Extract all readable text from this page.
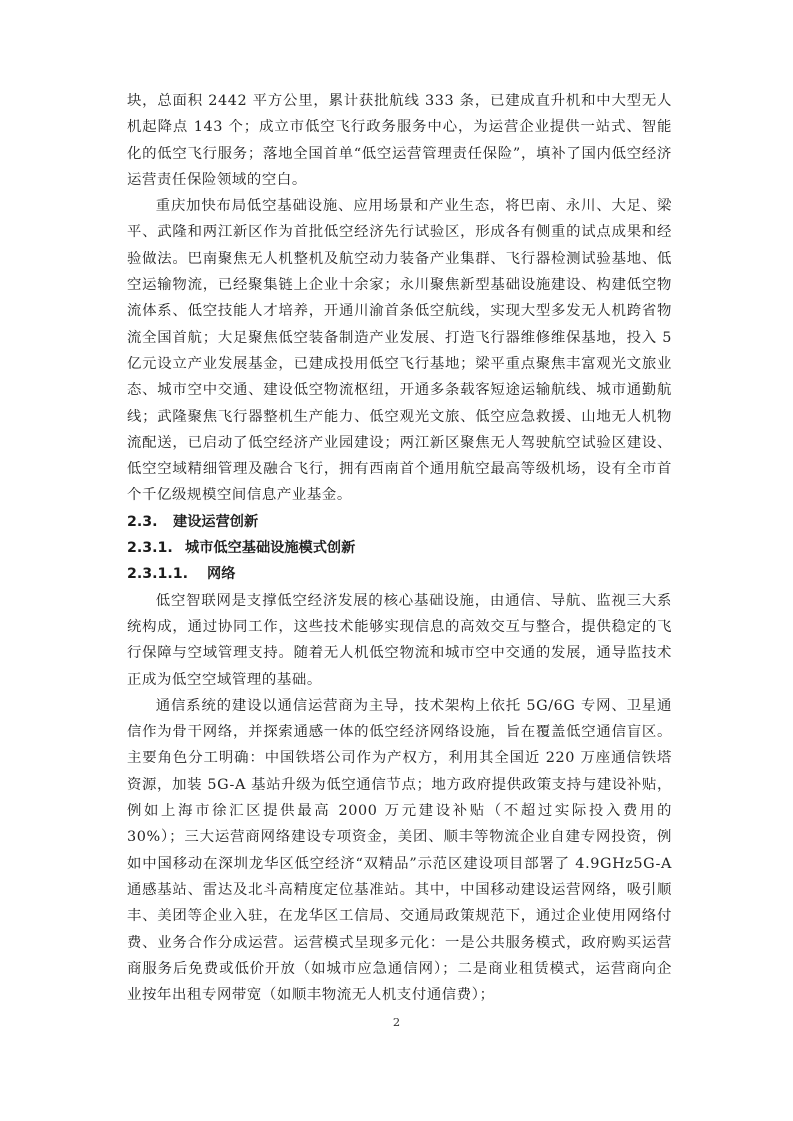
块，总面积 2442 平方公里，累计获批航线 333 条，已建成直升机和中大型无人机起降点 143 个；成立市低空飞行政务服务中心，为运营企业提供一站式、智能化的低空飞行服务；落地全国首单“低空运营管理责任保险”，填补了国内低空经济运营责任保险领域的空白。

重庆加快布局低空基础设施、应用场景和产业生态，将巴南、永川、大足、梁平、武隆和两江新区作为首批低空经济先行试验区，形成各有侧重的试点成果和经验做法。巴南聚焦无人机整机及航空动力装备产业集群、飞行器检测试验基地、低空运输物流，已经聚集链上企业十余家；永川聚焦新型基础设施建设、构建低空物流体系、低空技能人才培养，开通川渝首条低空航线，实现大型多发无人机跨省物流全国首航；大足聚焦低空装备制造产业发展、打造飞行器维修维保基地，投入 5 亿元设立产业发展基金，已建成投用低空飞行基地；梁平重点聚焦丰富观光文旅业态、城市空中交通、建设低空物流枢纽，开通多条载客短途运输航线、城市通勤航线；武隆聚焦飞行器整机生产能力、低空观光文旅、低空应急救援、山地无人机物流配送，已启动了低空经济产业园建设；两江新区聚焦无人驾驶航空试验区建设、低空空域精细管理及融合飞行，拥有西南首个通用航空最高等级机场，设有全市首个千亿级规模空间信息产业基金。

2.3. 建设运营创新
2.3.1. 城市低空基础设施模式创新
2.3.1.1. 网络

低空智联网是支撑低空经济发展的核心基础设施，由通信、导航、监视三大系统构成，通过协同工作，这些技术能够实现信息的高效交互与整合，提供稳定的飞行保障与空域管理支持。随着无人机低空物流和城市空中交通的发展，通导监技术正成为低空空域管理的基础。

通信系统的建设以通信运营商为主导，技术架构上依托 5G/6G 专网、卫星通信作为骨干网络，并探索通感一体的低空经济网络设施，旨在覆盖低空通信盲区。主要角色分工明确：中国铁塔公司作为产权方，利用其全国近 220 万座通信铁塔资源，加装 5G-A 基站升级为低空通信节点；地方政府提供政策支持与建设补贴，例如上海市徐汇区提供最高 2000 万元建设补贴（不超过实际投入费用的 30%）；三大运营商网络建设专项资金，美团、顺丰等物流企业自建专网投资，例如中国移动在深圳龙华区低空经济“双精品”示范区建设项目部署了 4.9GHz5G-A 通感基站、雷达及北斗高精度定位基准站。其中，中国移动建设运营网络，吸引顺丰、美团等企业入驻，在龙华区工信局、交通局政策规范下，通过企业使用网络付费、业务合作分成运营。运营模式呈现多元化：一是公共服务模式，政府购买运营商服务后免费或低价开放（如城市应急通信网）；二是商业租赁模式，运营商向企业按年出租专网带宽（如顺丰物流无人机支付通信费）；

2
